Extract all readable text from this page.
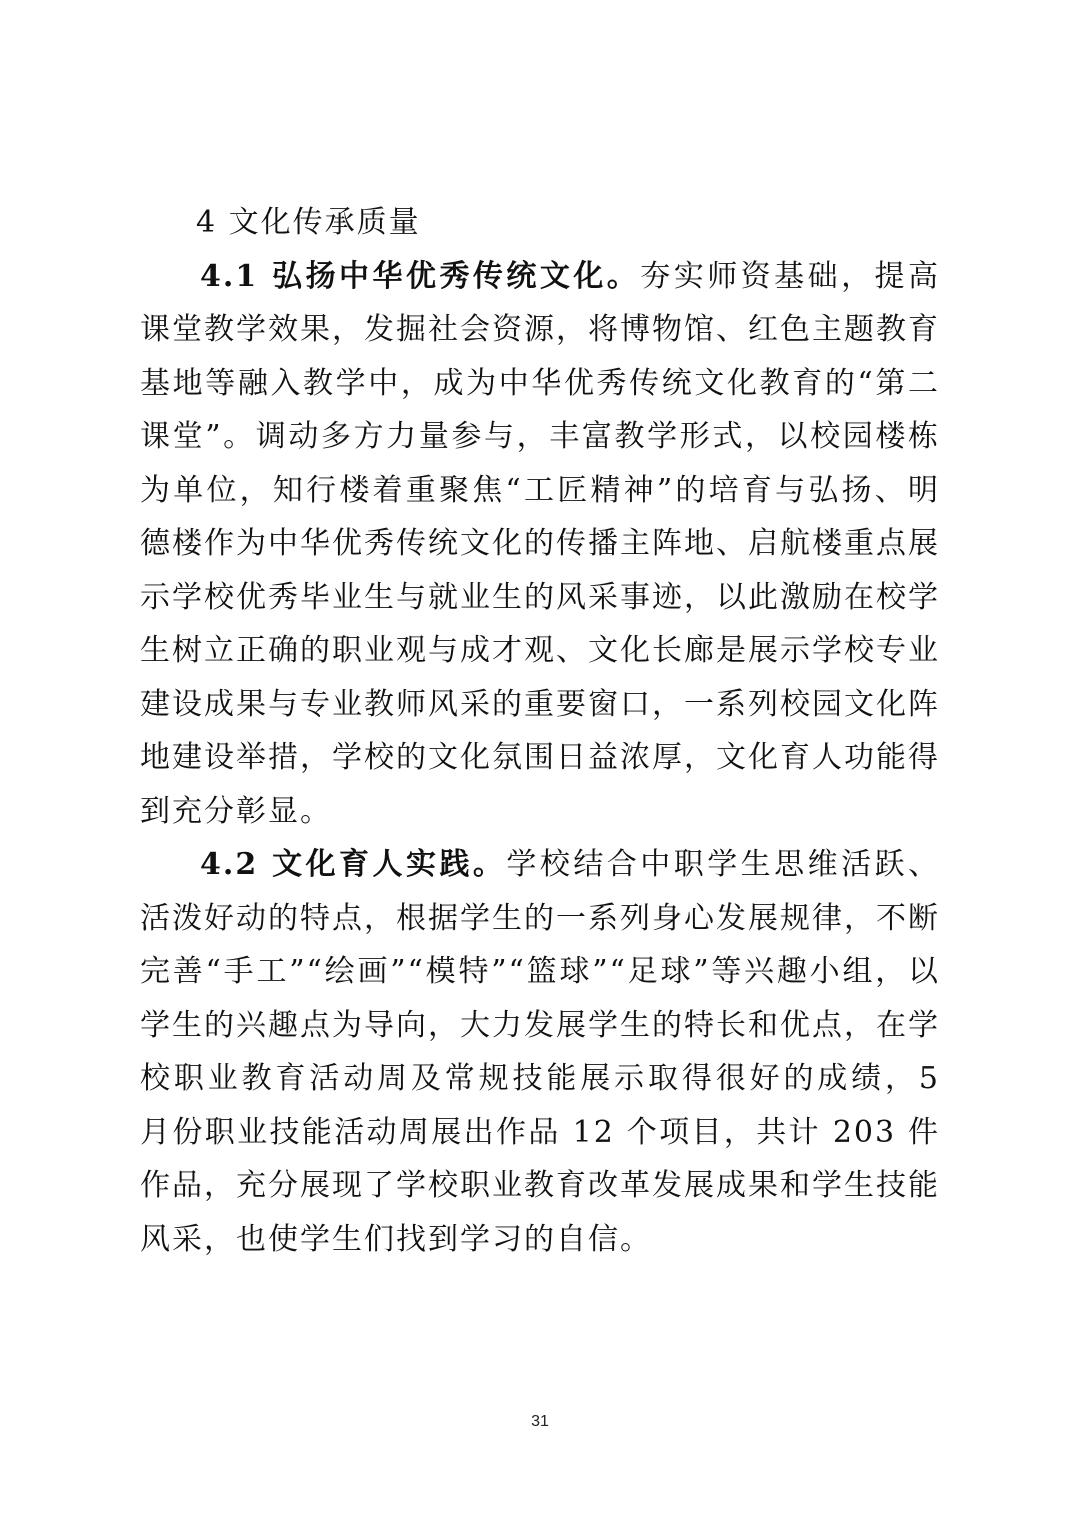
4 文化传承质量

4.1 弘扬中华优秀传统文化。夯实师资基础，提高课堂教学效果，发掘社会资源，将博物馆、红色主题教育基地等融入教学中，成为中华优秀传统文化教育的“第二课堂”。调动多方力量参与，丰富教学形式，以校园楼栋为单位，知行楼着重聚焦“工匠精神”的培育与弘扬、明德楼作为中华优秀传统文化的传播主阵地、启航楼重点展示学校优秀毕业生与就业生的风采事迹，以此激励在校学生树立正确的职业观与成才观、文化长廊是展示学校专业建设成果与专业教师风采的重要窗口，一系列校园文化阵地建设举措，学校的文化氛围日益浓厚，文化育人功能得到充分彰显。

4.2 文化育人实践。学校结合中职学生思维活跃、活泼好动的特点，根据学生的一系列身心发展规律，不断完善“手工”“绘画”“模特”“篮球”“足球”等兴趣小组，以学生的兴趣点为导向，大力发展学生的特长和优点，在学校职业教育活动周及常规技能展示取得很好的成绩，5 月份职业技能活动周展出作品 12 个项目，共计 203 件作品，充分展现了学校职业教育改革发展成果和学生技能风采，也使学生们找到学习的自信。

31
